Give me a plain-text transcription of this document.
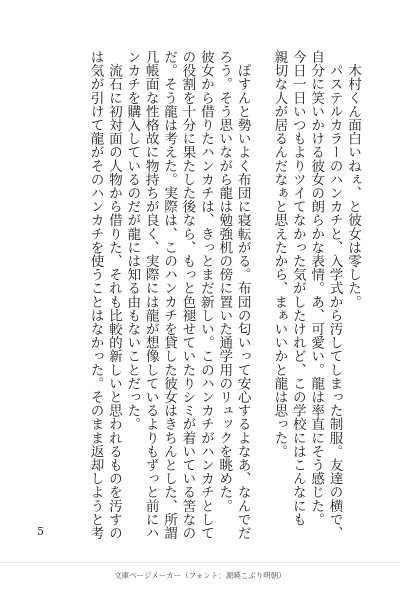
　木村くん面白いねぇ、と彼女は零した。
　パステルカラーのハンカチと、入学式から汚してしまった制服。友達の横で、
自分に笑いかける彼女の朗らかな表情。あ、可愛い。龍は率直にそう感じた。
今日一日いつもよりツイてなかった気がしたけれど、この学校にはこんなにも
親切な人が居るんだなぁと思えたから、まぁいいかと龍は思った。
　ぽすんと勢いよく布団に寝転がる。布団の匂いって安心するよなあ、なんでだ
ろう。そう思いながら龍は勉強机の傍に置いた通学用のリュックを眺めた。
彼女から借りたハンカチは、きっとまだ新しい。このハンカチがハンカチとして
の役割を十分に果たした後なら、もっと色褪せていたりシミが着いている筈なの
だ。そう龍は考えた。実際は、このハンカチを貸した彼女はきちんとした、所謂
几帳面な性格故に物持ちが良く、実際には龍が想像しているよりもずっと前にハ
ンカチを購入しているのだが龍には知る由もないことだった。
　流石に初対面の人物から借りた、それも比較的新しいと思われるものを汚すの
は気が引けて龍がそのハンカチを使うことはなかった。そのまま返却しようと考
5
文庫ページメーカー（フォント：源暎こぶり明朝）
